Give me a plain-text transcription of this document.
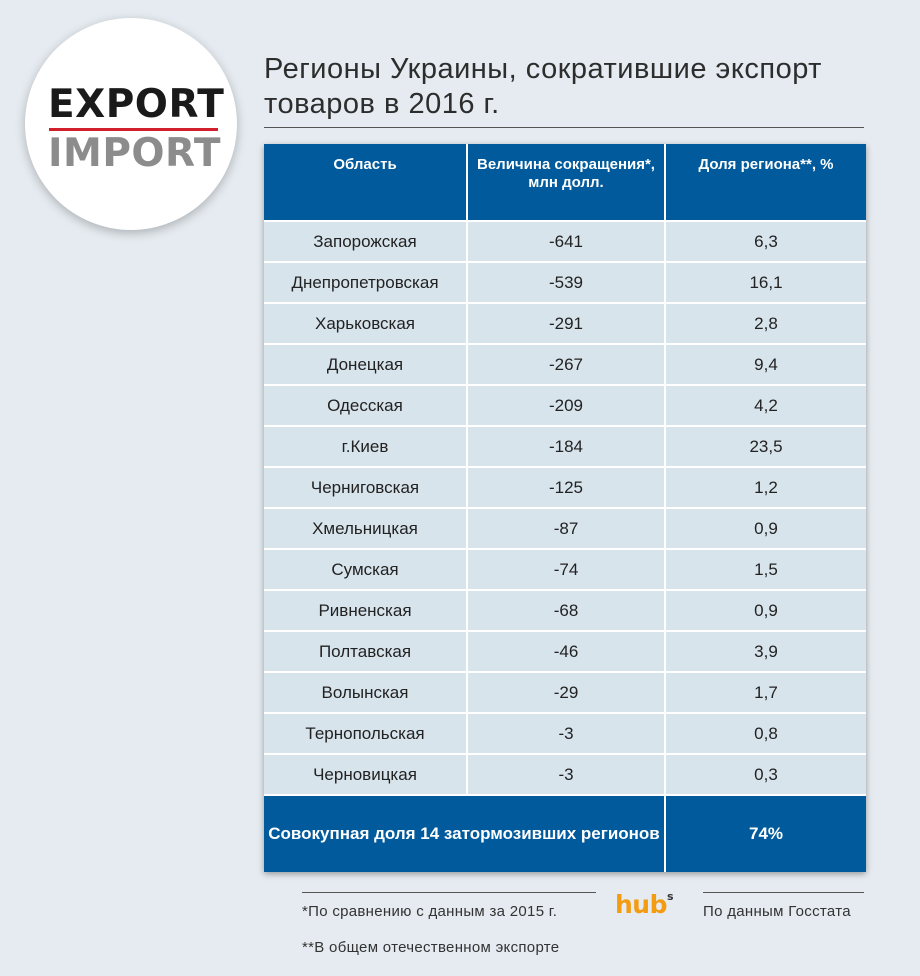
EXPORT
IMPORT
Регионы Украины, сократившие экспорт товаров в 2016 г.
Область	Величина сокращения*, млн долл.	Доля региона**, %
Запорожская	-641	6,3
Днепропетровская	-539	16,1
Харьковская	-291	2,8
Донецкая	-267	9,4
Одесская	-209	4,2
г.Киев	-184	23,5
Черниговская	-125	1,2
Хмельницкая	-87	0,9
Сумская	-74	1,5
Ривненская	-68	0,9
Полтавская	-46	3,9
Волынская	-29	1,7
Тернопольская	-3	0,8
Черновицкая	-3	0,3
Совокупная доля 14 затормозивших регионов		74%
*По сравнению с данным за 2015 г.
**В общем отечественном экспорте
По данным Госстата
hub$^s$
